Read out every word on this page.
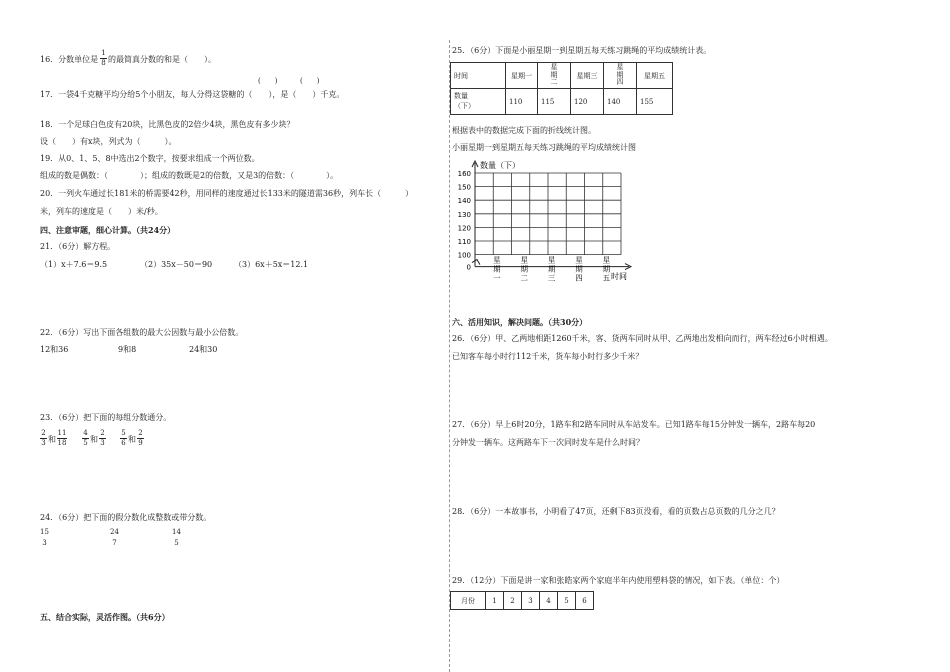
16．分数单位是
1
8 的最简真分数的和是（　　）。
(　　)	(　　)
17．一袋4千克糖平均分给5个小朋友，每人分得这袋糖的（　　），是（　　）千克。
18．一个足球白色皮有20块，比黑色皮的2倍少4块，黑色皮有多少块？
设（　　）有x块，列式为（　　　）。
19．从0、1、5、8中选出2个数字，按要求组成一个两位数。
组成的数是偶数：（　　　　）；组成的数既是2的倍数，又是3的倍数：（　　　　）。
20．一列火车通过长181米的桥需要42秒，用同样的速度通过长133米的隧道需36秒，列车长（　　　）
米，列车的速度是（　　）米/秒。
四、注意审题，细心计算。（共24分）
21．（6分）解方程。
（1）x＋7.6＝9.5	（2）35x－50＝90	（3）6x＋5x＝12.1
22．（6分）写出下面各组数的最大公因数与最小公倍数。
12和36	9和8	24和30
23．（6分）把下面的每组分数通分。
2
3 和
11
18
4
5 和
2
3
5
6 和
2
9
24．（6分）把下面的假分数化成整数或带分数。
15
3
24
7
14
5
五、结合实际，灵活作图。（共6分）
25．（6分）下面是小丽星期一到星期五每天练习跳绳的平均成绩统计表。
时间	星期一	星
期
二	星期三	星
期
四	星期五

数量
（下）	110	115	120	140	155
根据表中的数据完成下面的折线统计图。
小丽星期一到星期五每天练习跳绳的平均成绩统计图
160
150
140
130
120
110
100
0
星
期
一
星
期
二
星
期
三
星
期
四
星
期
五
数量（下）
时间
六、活用知识，解决问题。（共30分）
26．（6分）甲、乙两地相距1260千米，客、货两车同时从甲、乙两地出发相向而行，两车经过6小时相遇。
已知客车每小时行112千米，货车每小时行多少千米？
27．（6分）早上6时20分，1路车和2路车同时从车站发车。已知1路车每15分钟发一辆车，2路车每20
分钟发一辆车。这两路车下一次同时发车是什么时间？
28．（6分）一本故事书，小明看了47页，还剩下83页没看，看的页数占总页数的几分之几？
29．（12分）下面是讲一家和张皓家两个家庭半年内使用塑料袋的情况，如下表。（单位：个）
月份	1	2	3	4	5	6
